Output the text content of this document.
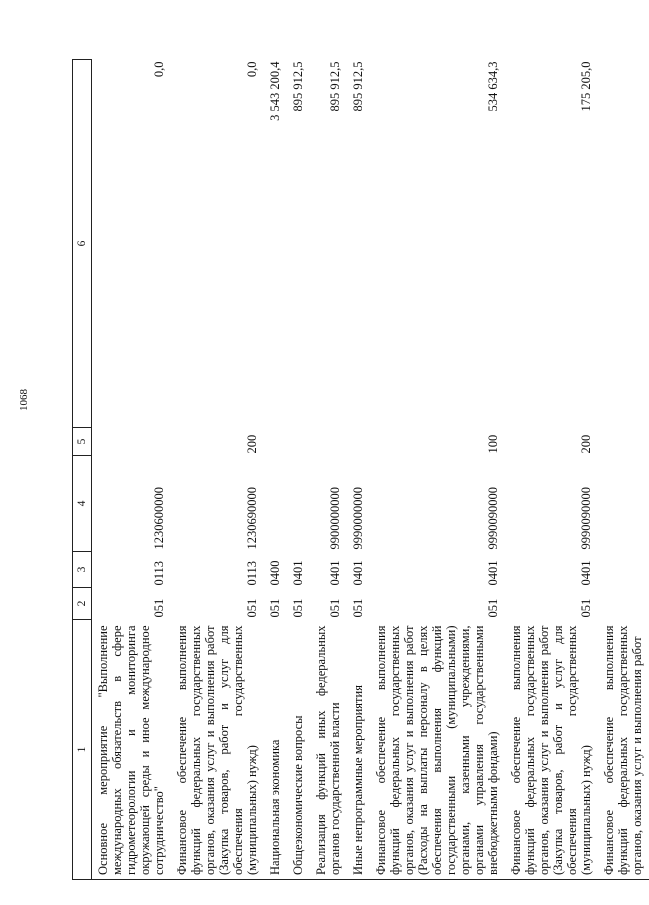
1068
1	2	3	4	5	6
Основное мероприятие "Выполнение международных обязательств в сфере гидрометеорологии и мониторинга окружающей среды и иное международное сотрудничество"	051	0113	1230600000		0,0
Финансовое обеспечение выполнения функций федеральных государственных органов, оказания услуг и выполнения работ (Закупка товаров, работ и услуг для обеспечения государственных (муниципальных) нужд)	051	0113	1230690000	200	0,0
Национальная экономика	051	0400			3 543 200,4
Общеэкономические вопросы	051	0401			895 912,5
Реализация функций иных федеральных органов государственной власти	051	0401	9900000000		895 912,5
Иные непрограммные мероприятия	051	0401	9990000000		895 912,5
Финансовое обеспечение выполнения функций федеральных государственных органов, оказания услуг и выполнения работ (Расходы на выплаты персоналу в целях обеспечения выполнения функций государственными (муниципальными) органами, казенными учреждениями, органами управления государственными внебюджетными фондами)	051	0401	9990090000	100	534 634,3
Финансовое обеспечение выполнения функций федеральных государственных органов, оказания услуг и выполнения работ (Закупка товаров, работ и услуг для обеспечения государственных (муниципальных) нужд)	051	0401	9990090000	200	175 205,0
Финансовое обеспечение выполнения функций федеральных государственных органов, оказания услуг и выполнения работ					
